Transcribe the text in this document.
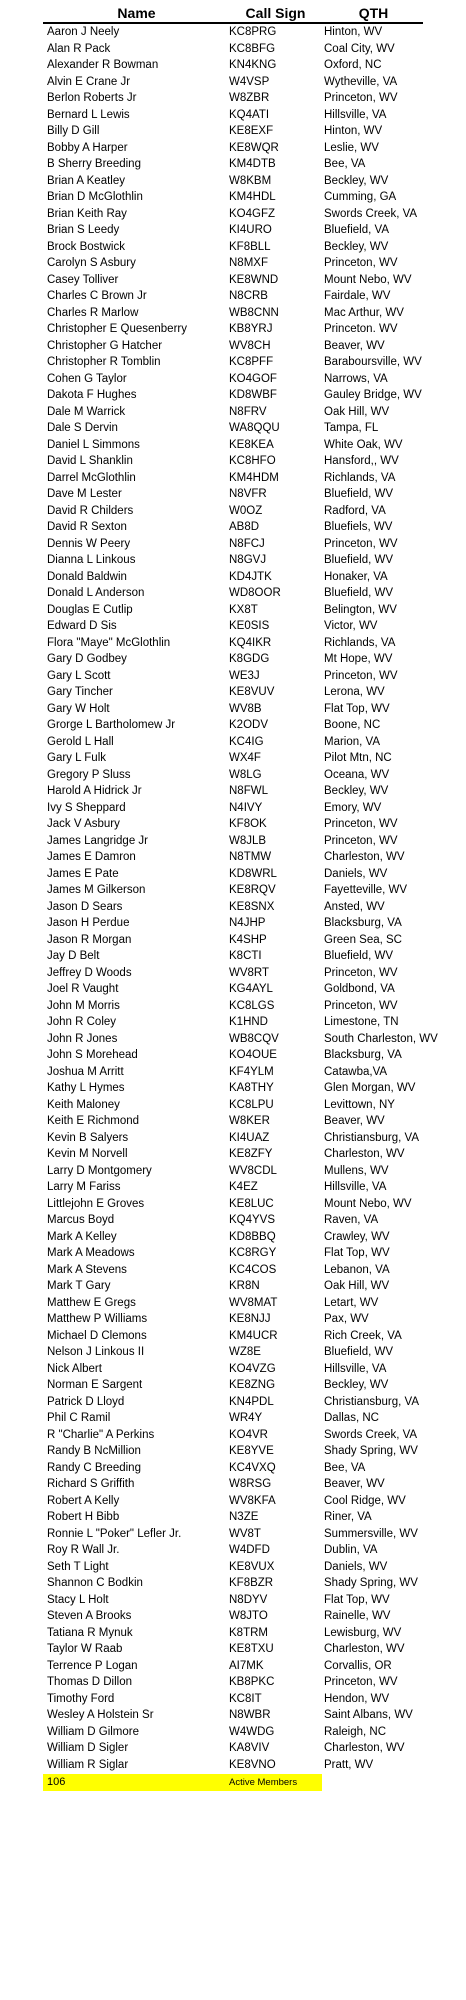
Name	Call Sign	QTH
Aaron J Neely	KC8PRG	Hinton, WV
Alan R Pack	KC8BFG	Coal City, WV
Alexander R Bowman	KN4KNG	Oxford, NC
Alvin E Crane Jr	W4VSP	Wytheville, VA
Berlon Roberts Jr	W8ZBR	Princeton, WV
Bernard L Lewis	KQ4ATI	Hillsville, VA
Billy D Gill	KE8EXF	Hinton, WV
Bobby A Harper	KE8WQR	Leslie, WV
B Sherry Breeding	KM4DTB	Bee, VA
Brian A Keatley	W8KBM	Beckley, WV
Brian D McGlothlin	KM4HDL	Cumming, GA
Brian Keith Ray	KO4GFZ	Swords Creek, VA
Brian S Leedy	KI4URO	Bluefield, VA
Brock Bostwick	KF8BLL	Beckley, WV
Carolyn S Asbury	N8MXF	Princeton, WV
Casey Tolliver	KE8WND	Mount Nebo, WV
Charles C Brown Jr	N8CRB	Fairdale, WV
Charles R Marlow	WB8CNN	Mac Arthur, WV
Christopher E Quesenberry	KB8YRJ	Princeton. WV
Christopher G Hatcher	WV8CH	Beaver, WV
Christopher R Tomblin	KC8PFF	Baraboursville, WV
Cohen G Taylor	KO4GOF	Narrows, VA
Dakota F Hughes	KD8WBF	Gauley Bridge, WV
Dale M Warrick	N8FRV	Oak Hill, WV
Dale S Dervin	WA8QQU	Tampa, FL
Daniel L Simmons	KE8KEA	White Oak, WV
David L Shanklin	KC8HFO	Hansford,, WV
Darrel McGlothlin	KM4HDM	Richlands, VA
Dave M Lester	N8VFR	Bluefield, WV
David R Childers	W0OZ	Radford, VA
David R Sexton	AB8D	Bluefiels, WV
Dennis W Peery	N8FCJ	Princeton, WV
Dianna L Linkous	N8GVJ	Bluefield, WV
Donald Baldwin	KD4JTK	Honaker, VA
Donald L Anderson	WD8OOR	Bluefield, WV
Douglas E Cutlip	KX8T	Belington, WV
Edward D Sis	KE0SIS	Victor, WV
Flora "Maye" McGlothlin	KQ4IKR	Richlands, VA
Gary D Godbey	K8GDG	Mt Hope, WV
Gary L Scott	WE3J	Princeton, WV
Gary Tincher	KE8VUV	Lerona, WV
Gary W Holt	WV8B	Flat Top, WV
Grorge L Bartholomew Jr	K2ODV	Boone, NC
Gerold L Hall	KC4IG	Marion, VA
Gary L Fulk	WX4F	Pilot Mtn, NC
Gregory P Sluss	W8LG	Oceana, WV
Harold A Hidrick Jr	N8FWL	Beckley, WV
Ivy S Sheppard	N4IVY	Emory, WV
Jack V Asbury	KF8OK	Princeton, WV
James Langridge Jr	W8JLB	Princeton, WV
James E Damron	N8TMW	Charleston, WV
James E Pate	KD8WRL	Daniels, WV
James M Gilkerson	KE8RQV	Fayetteville, WV
Jason D Sears	KE8SNX	Ansted, WV
Jason H Perdue	N4JHP	Blacksburg, VA
Jason R Morgan	K4SHP	Green Sea, SC
Jay D Belt	K8CTI	Bluefield, WV
Jeffrey D Woods	WV8RT	Princeton, WV
Joel R Vaught	KG4AYL	Goldbond, VA
John M Morris	KC8LGS	Princeton, WV
John R Coley	K1HND	Limestone, TN
John R Jones	WB8CQV	South Charleston, WV
John S Morehead	KO4OUE	Blacksburg, VA
Joshua M Arritt	KF4YLM	Catawba,VA
Kathy L Hymes	KA8THY	Glen Morgan, WV
Keith Maloney	KC8LPU	Levittown, NY
Keith E Richmond	W8KER	Beaver, WV
Kevin B Salyers	KI4UAZ	Christiansburg, VA
Kevin M Norvell	KE8ZFY	Charleston, WV
Larry D Montgomery	WV8CDL	Mullens, WV
Larry M Fariss	K4EZ	Hillsville, VA
Littlejohn E Groves	KE8LUC	Mount Nebo, WV
Marcus Boyd	KQ4YVS	Raven, VA
Mark A Kelley	KD8BBQ	Crawley, WV
Mark A Meadows	KC8RGY	Flat Top, WV
Mark A Stevens	KC4COS	Lebanon, VA
Mark T Gary	KR8N	Oak Hill, WV
Matthew E Gregs	WV8MAT	Letart, WV
Matthew P Williams	KE8NJJ	Pax, WV
Michael D Clemons	KM4UCR	Rich Creek, VA
Nelson J Linkous II	WZ8E	Bluefield, WV
Nick Albert	KO4VZG	Hillsville, VA
Norman E Sargent	KE8ZNG	Beckley, WV
Patrick D Lloyd	KN4PDL	Christiansburg, VA
Phil C Ramil	WR4Y	Dallas, NC
R "Charlie" A Perkins	KO4VR	Swords Creek, VA
Randy B NcMillion	KE8YVE	Shady Spring, WV
Randy C Breeding	KC4VXQ	Bee, VA
Richard S Griffith	W8RSG	Beaver, WV
Robert A Kelly	WV8KFA	Cool Ridge, WV
Robert H Bibb	N3ZE	Riner, VA
Ronnie L "Poker" Lefler Jr.	WV8T	Summersville, WV
Roy R Wall Jr.	W4DFD	Dublin, VA
Seth T Light	KE8VUX	Daniels, WV
Shannon C Bodkin	KF8BZR	Shady Spring, WV
Stacy L Holt	N8DYV	Flat Top, WV
Steven A Brooks	W8JTO	Rainelle, WV
Tatiana R Mynuk	K8TRM	Lewisburg, WV
Taylor W Raab	KE8TXU	Charleston, WV
Terrence P Logan	AI7MK	Corvallis, OR
Thomas D Dillon	KB8PKC	Princeton, WV
Timothy Ford	KC8IT	Hendon, WV
Wesley A Holstein Sr	N8WBR	Saint Albans, WV
William D Gilmore	W4WDG	Raleigh, NC
William D Sigler	KA8VIV	Charleston, WV
William R Siglar	KE8VNO	Pratt, WV
106	Active Members
